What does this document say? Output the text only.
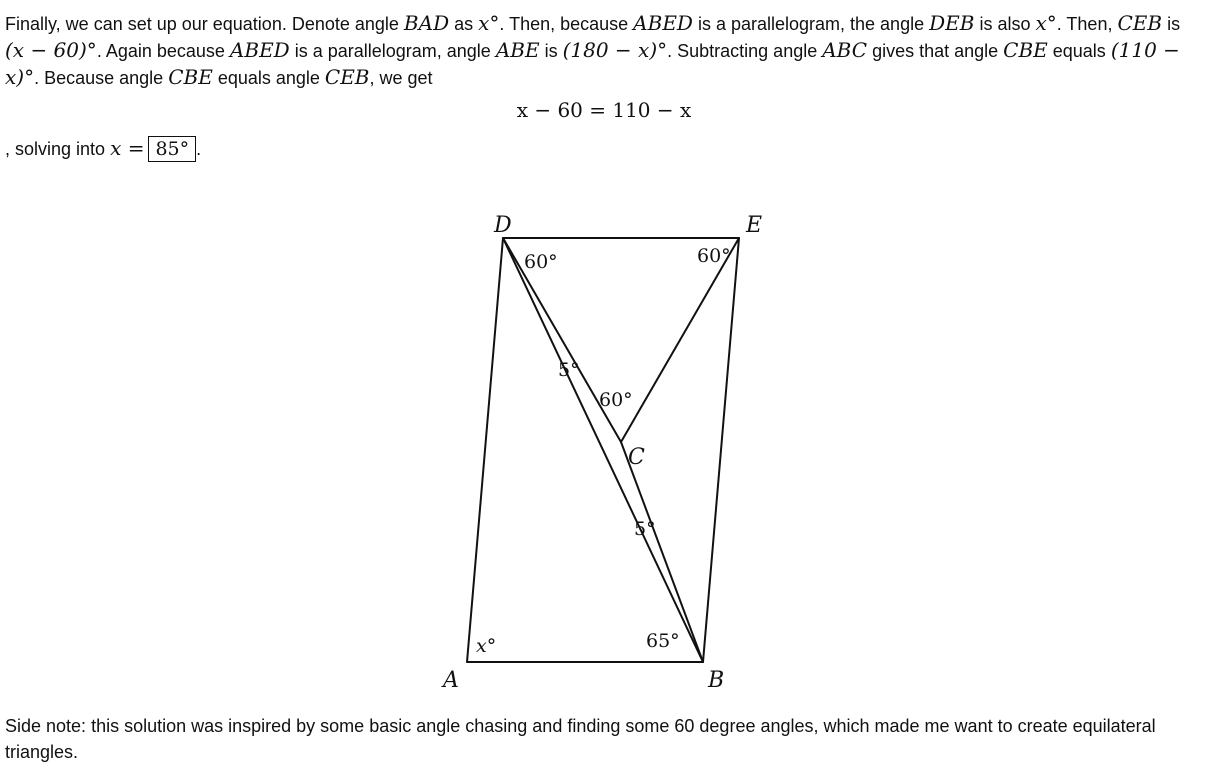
Finally, we can set up our equation. Denote angle BAD as x°. Then, because ABED is a parallelogram, the angle DEB is also x°. Then, CEB is (x − 60)°. Again because ABED is a parallelogram, angle ABE is (180 − x)°. Subtracting angle ABC gives that angle CBE equals (110 − x)°. Because angle CBE equals angle CEB, we get

x − 60 = 110 − x

, solving into x = 85° .

D	E
A	B
C
60°	60°
60°
5°
5°
65°
x°

Side note: this solution was inspired by some basic angle chasing and finding some 60 degree angles, which made me want to create equilateral triangles.
